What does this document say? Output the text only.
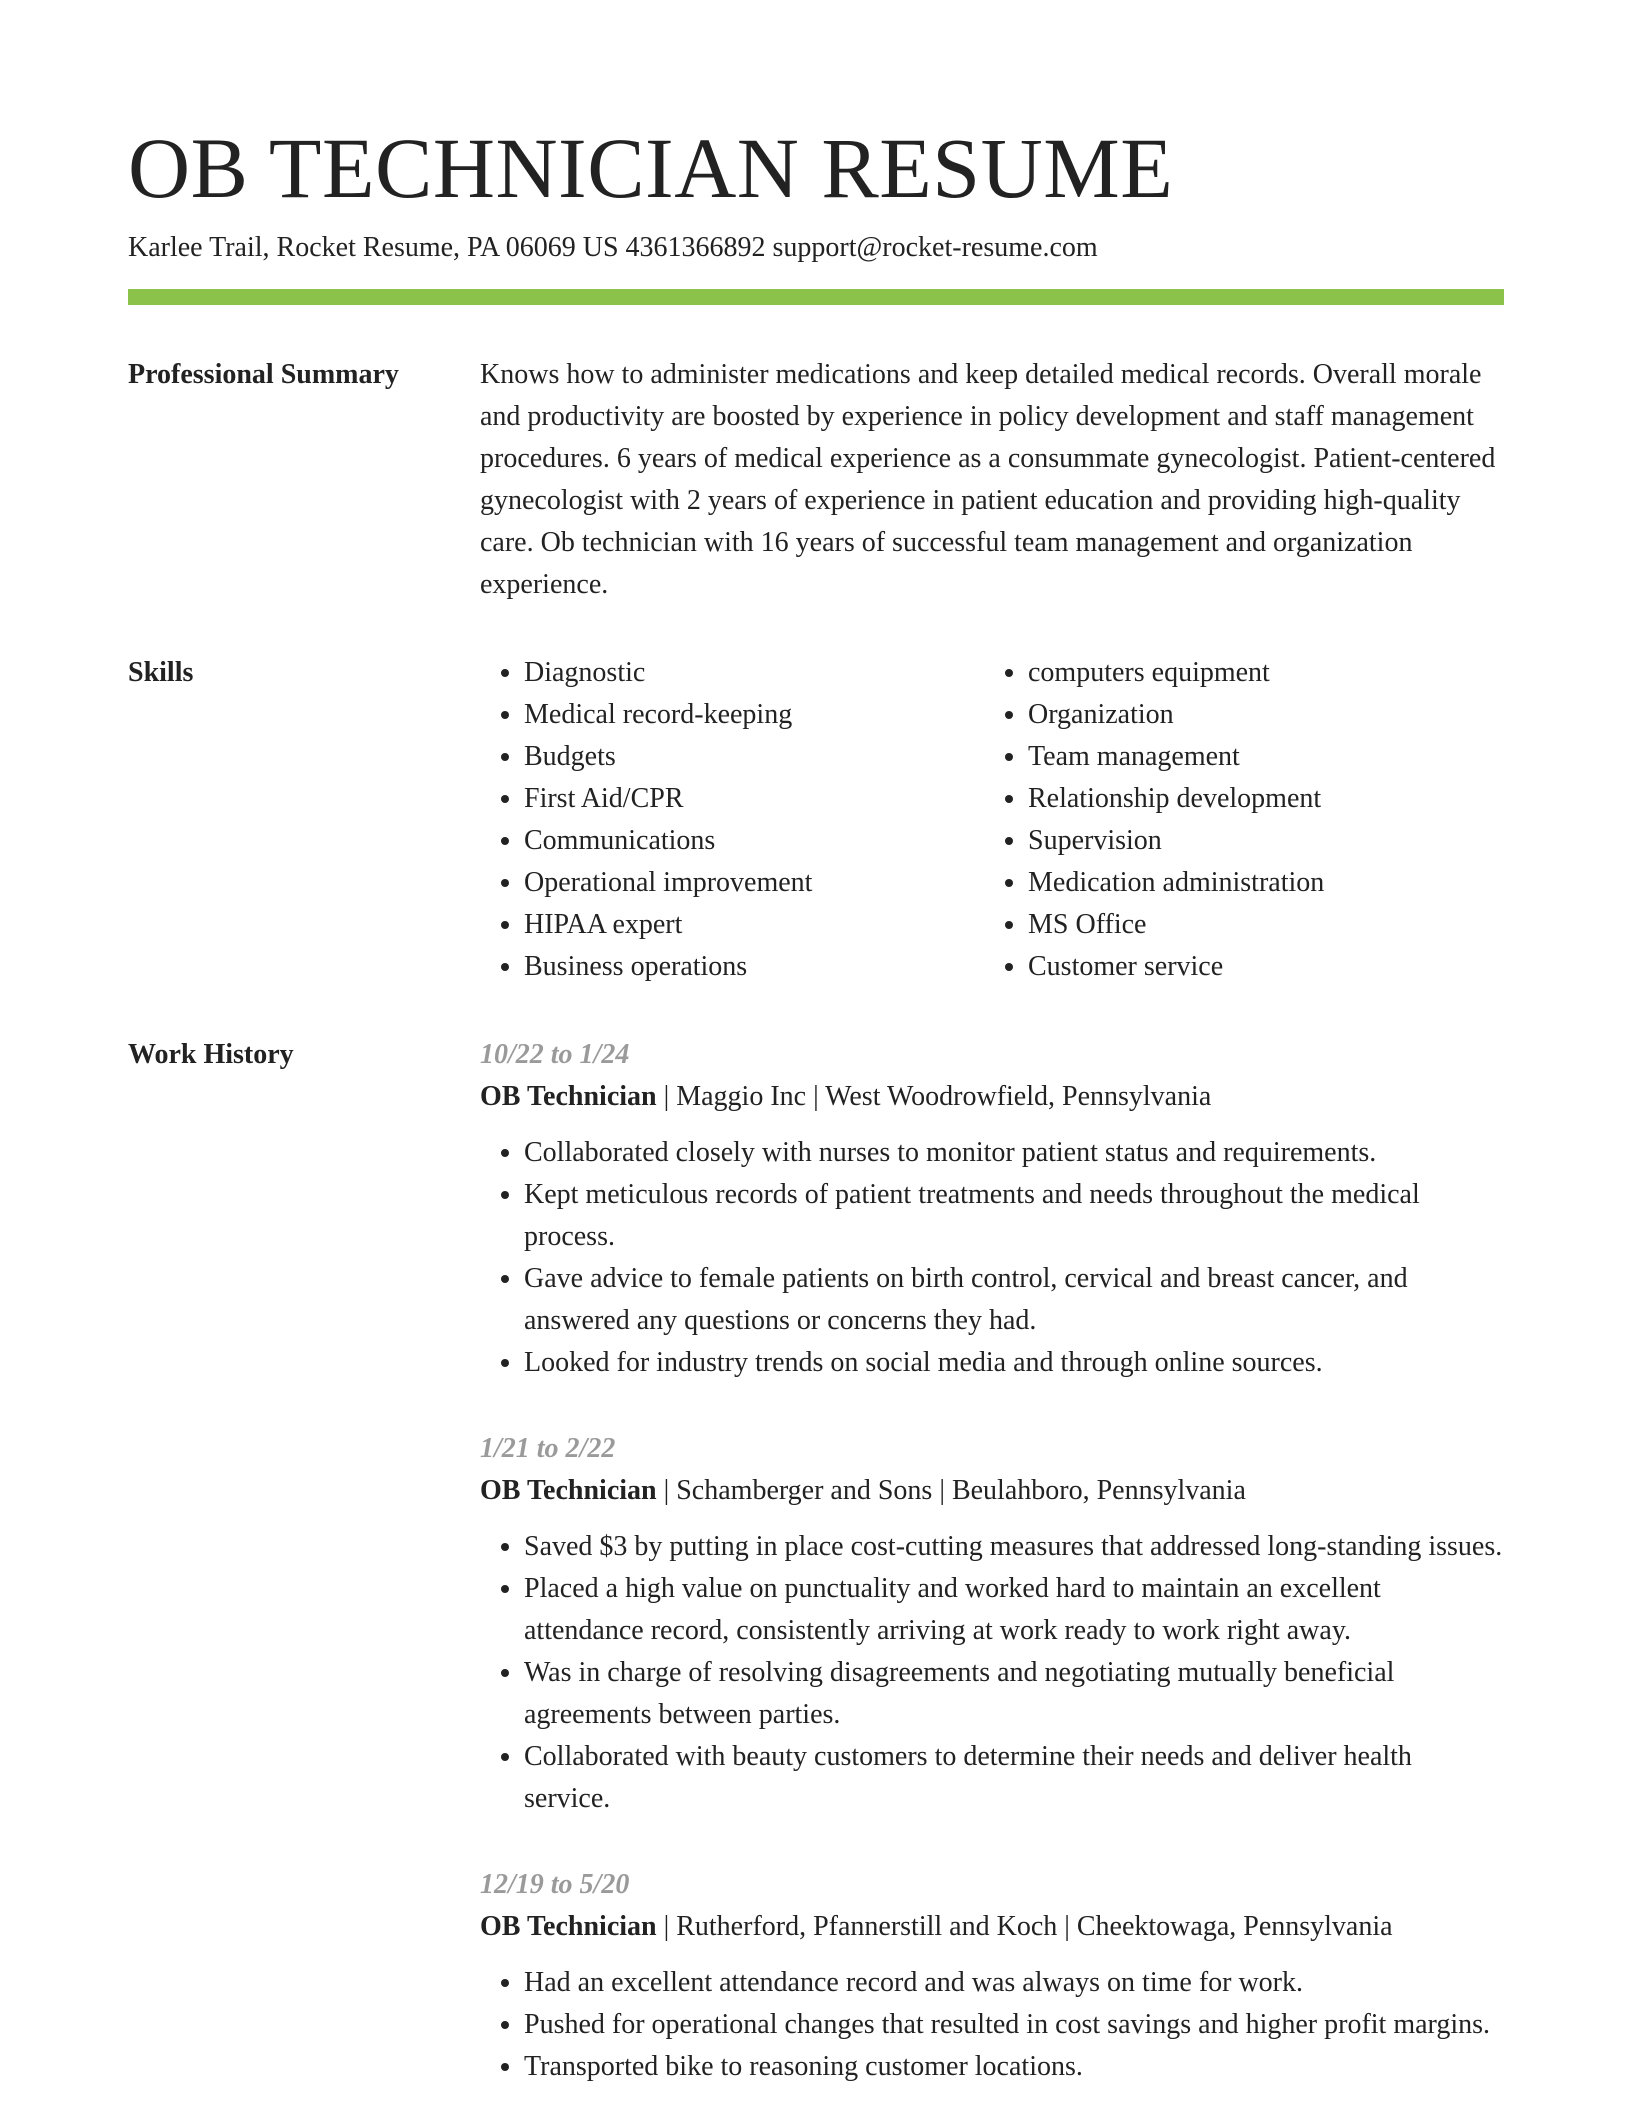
OB TECHNICIAN RESUME
Karlee Trail, Rocket Resume, PA 06069 US 4361366892 support@rocket-resume.com
Professional Summary	Knows how to administer medications and keep detailed medical records. Overall morale and productivity are boosted by experience in policy development and staff management procedures. 6 years of medical experience as a consummate gynecologist. Patient-centered gynecologist with 2 years of experience in patient education and providing high-quality care. Ob technician with 16 years of successful team management and organization experience.

Skills
•	Diagnostic
• Medical record-keeping
• Budgets
• First Aid/CPR
• Communications
• Operational improvement
• HIPAA expert
• Business operations
• computers equipment
• Organization
• Team management
• Relationship development
• Supervision
• Medication administration
• MS Office
• Customer service
Work History	10/22 to 1/24
OB Technician | Maggio Inc | West Woodrowfield, Pennsylvania
• Collaborated closely with nurses to monitor patient status and requirements.
• Kept meticulous records of patient treatments and needs throughout the medical process.
• Gave advice to female patients on birth control, cervical and breast cancer, and answered any questions or concerns they had.
• Looked for industry trends on social media and through online sources.
1/21 to 2/22
OB Technician | Schamberger and Sons | Beulahboro, Pennsylvania
• Saved $3 by putting in place cost-cutting measures that addressed long-standing issues.
• Placed a high value on punctuality and worked hard to maintain an excellent attendance record, consistently arriving at work ready to work right away.
• Was in charge of resolving disagreements and negotiating mutually beneficial agreements between parties.
• Collaborated with beauty customers to determine their needs and deliver health service.
12/19 to 5/20
OB Technician | Rutherford, Pfannerstill and Koch | Cheektowaga, Pennsylvania
• Had an excellent attendance record and was always on time for work.
• Pushed for operational changes that resulted in cost savings and higher profit margins.
• Transported bike to reasoning customer locations.
